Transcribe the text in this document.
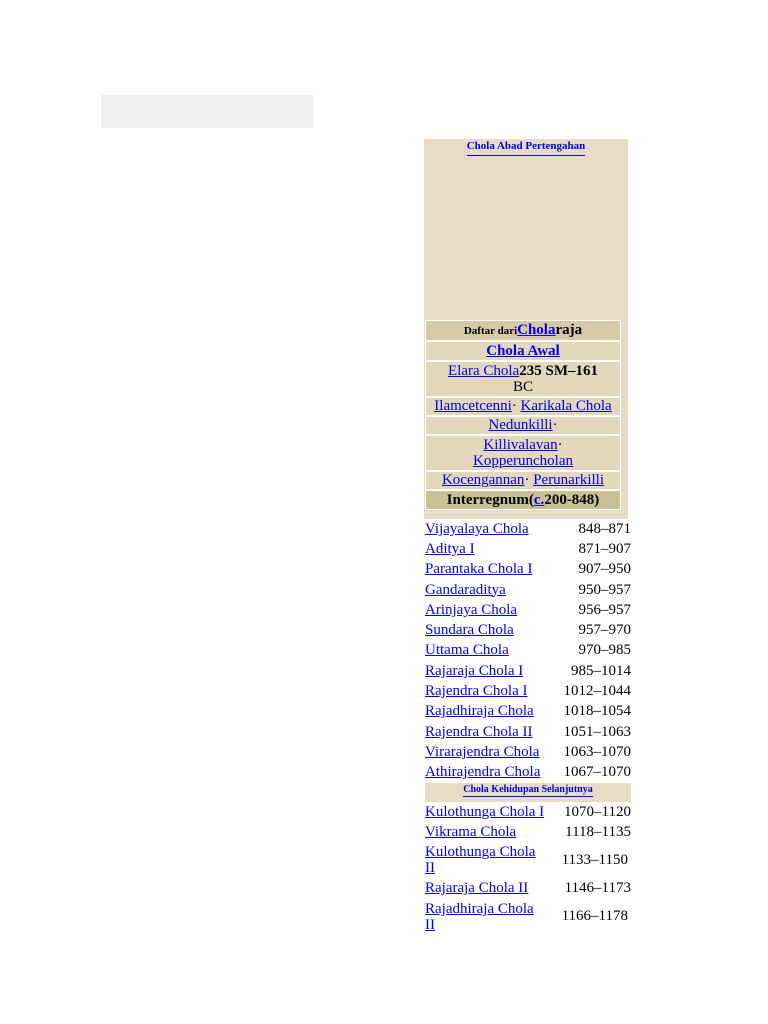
Chola Abad Pertengahan
Daftar dariCholaraja
Chola Awal
Elara Chola235 SM–161
BC
Ilamcetcenni· Karikala Chola
Nedunkilli·
Killivalavan·
Kopperuncholan
Kocengannan· Perunarkilli
Interregnum(c.200-848)
Vijayalaya Chola	848–871
Aditya I	871–907
Parantaka Chola I	907–950
Gandaraditya	950–957
Arinjaya Chola	956–957
Sundara Chola	957–970
Uttama Chola	970–985
Rajaraja Chola I	985–1014
Rajendra Chola I 1012–1044
Rajadhiraja Chola 1018–1054
Rajendra Chola II 1051–1063
Virarajendra Chola 1063–1070
Athirajendra Chola 1067–1070
Chola Kehidupan Selanjutnya
Kulothunga Chola I 1070–1120
Vikrama Chola	1118–1135
Kulothunga Chola II
1133–1150
Rajaraja Chola II 1146–1173
Rajadhiraja Chola II
1166–1178
